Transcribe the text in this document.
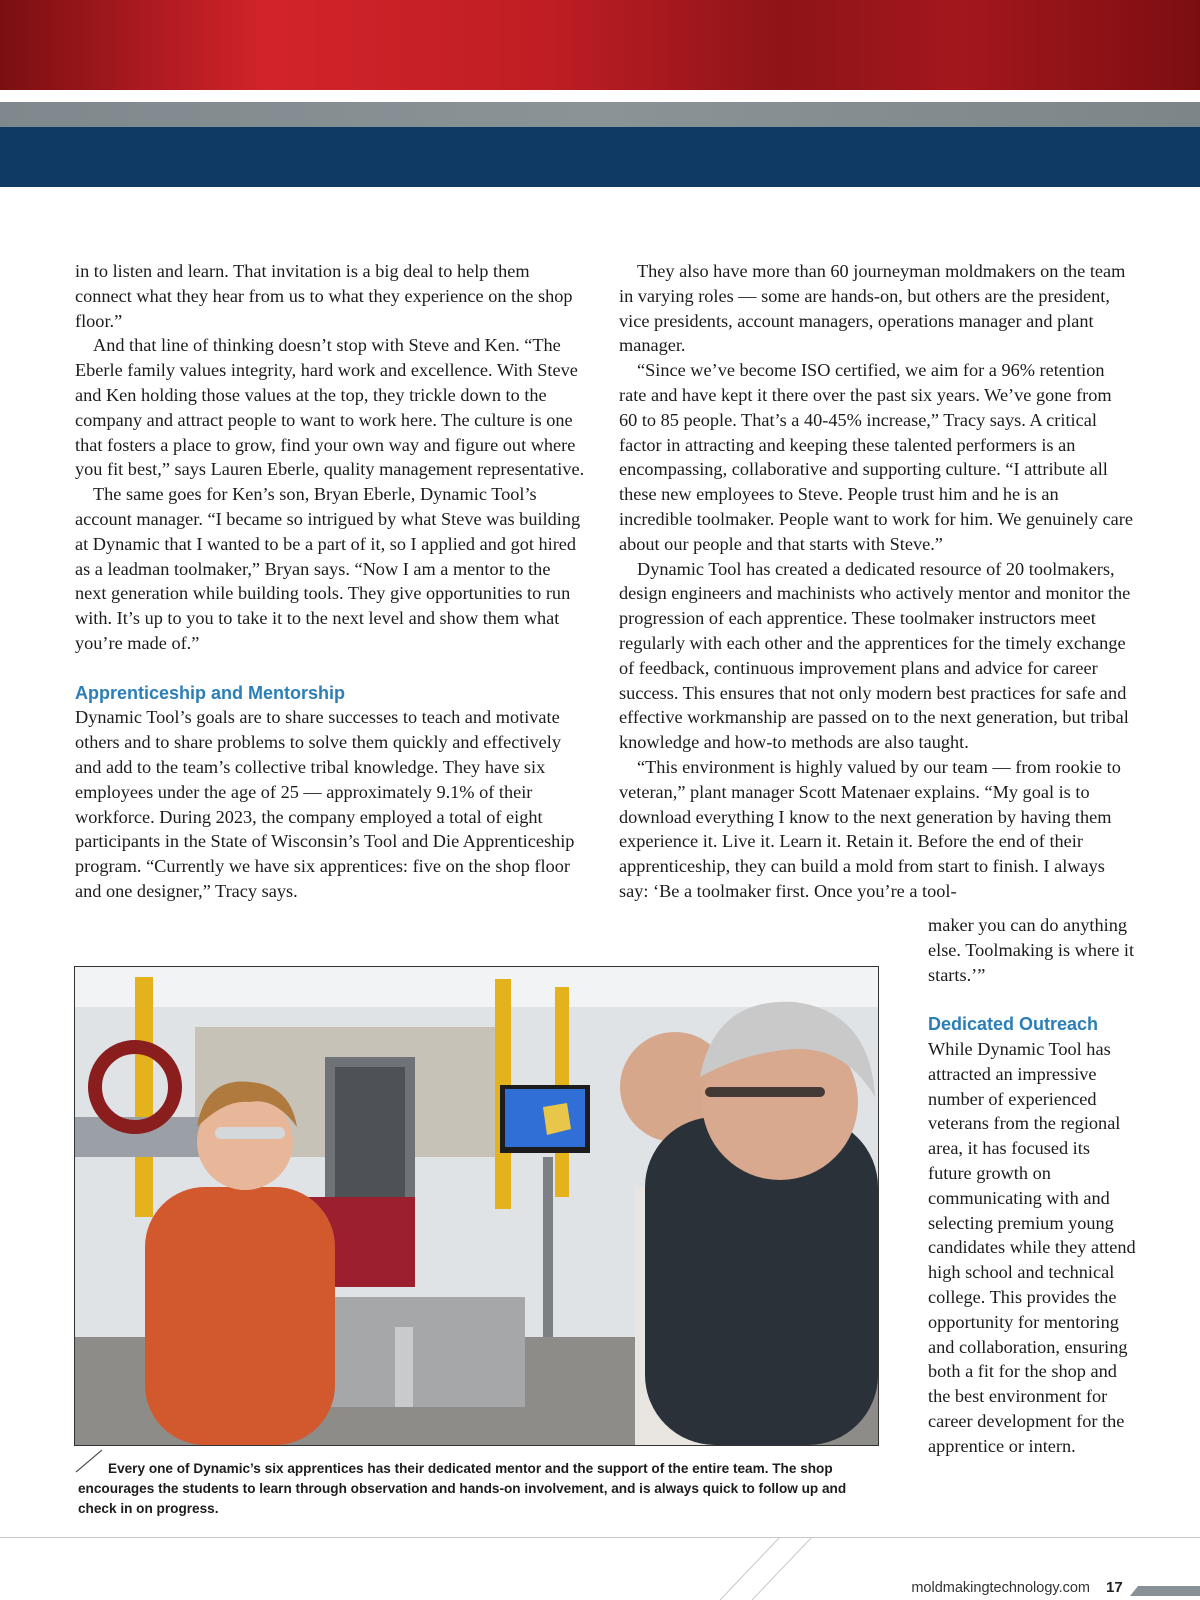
in to listen and learn. That invitation is a big deal to help them connect what they hear from us to what they experience on the shop floor.”

And that line of thinking doesn’t stop with Steve and Ken. “The Eberle family values integrity, hard work and excellence. With Steve and Ken holding those values at the top, they trickle down to the company and attract people to want to work here. The culture is one that fosters a place to grow, find your own way and figure out where you fit best,” says Lauren Eberle, quality management representative.

The same goes for Ken’s son, Bryan Eberle, Dynamic Tool’s account manager. “I became so intrigued by what Steve was building at Dynamic that I wanted to be a part of it, so I applied and got hired as a leadman toolmaker,” Bryan says. “Now I am a mentor to the next generation while building tools. They give opportunities to run with. It’s up to you to take it to the next level and show them what you’re made of.”

Apprenticeship and Mentorship

Dynamic Tool’s goals are to share successes to teach and motivate others and to share problems to solve them quickly and effectively and add to the team’s collective tribal knowledge. They have six employees under the age of 25 — approximately 9.1% of their workforce. During 2023, the company employed a total of eight participants in the State of Wisconsin’s Tool and Die Apprenticeship program. “Currently we have six apprentices: five on the shop floor and one designer,” Tracy says.

They also have more than 60 journeyman moldmakers on the team in varying roles — some are hands-on, but others are the president, vice presidents, account managers, operations manager and plant manager.

“Since we’ve become ISO certified, we aim for a 96% retention rate and have kept it there over the past six years. We’ve gone from 60 to 85 people. That’s a 40-45% increase,” Tracy says. A critical factor in attracting and keeping these talented performers is an encompassing, collaborative and supporting culture. “I attribute all these new employees to Steve. People trust him and he is an incredible toolmaker. People want to work for him. We genuinely care about our people and that starts with Steve.”

Dynamic Tool has created a dedicated resource of 20 toolmakers, design engineers and machinists who actively mentor and monitor the progression of each apprentice. These toolmaker instructors meet regularly with each other and the apprentices for the timely exchange of feedback, continuous improvement plans and advice for career success. This ensures that not only modern best practices for safe and effective workmanship are passed on to the next generation, but tribal knowledge and how-to methods are also taught.

“This environment is highly valued by our team — from rookie to veteran,” plant manager Scott Matenaer explains. “My goal is to download everything I know to the next generation by having them experience it. Live it. Learn it. Retain it. Before the end of their apprenticeship, they can build a mold from start to finish. I always say: ‘Be a toolmaker first. Once you’re a tool-

maker you can do anything else. Toolmaking is where it starts.’”

Dedicated Outreach

While Dynamic Tool has attracted an impressive number of experienced veterans from the regional area, it has focused its future growth on communicating with and selecting premium young candidates while they attend high school and technical college. This provides the opportunity for mentoring and collaboration, ensuring both a fit for the shop and the best environment for career development for the apprentice or intern.

Every one of Dynamic’s six apprentices has their dedicated mentor and the support of the entire team. The shop encourages the students to learn through observation and hands-on involvement, and is always quick to follow up and check in on progress.
moldmakingtechnology.com 17
